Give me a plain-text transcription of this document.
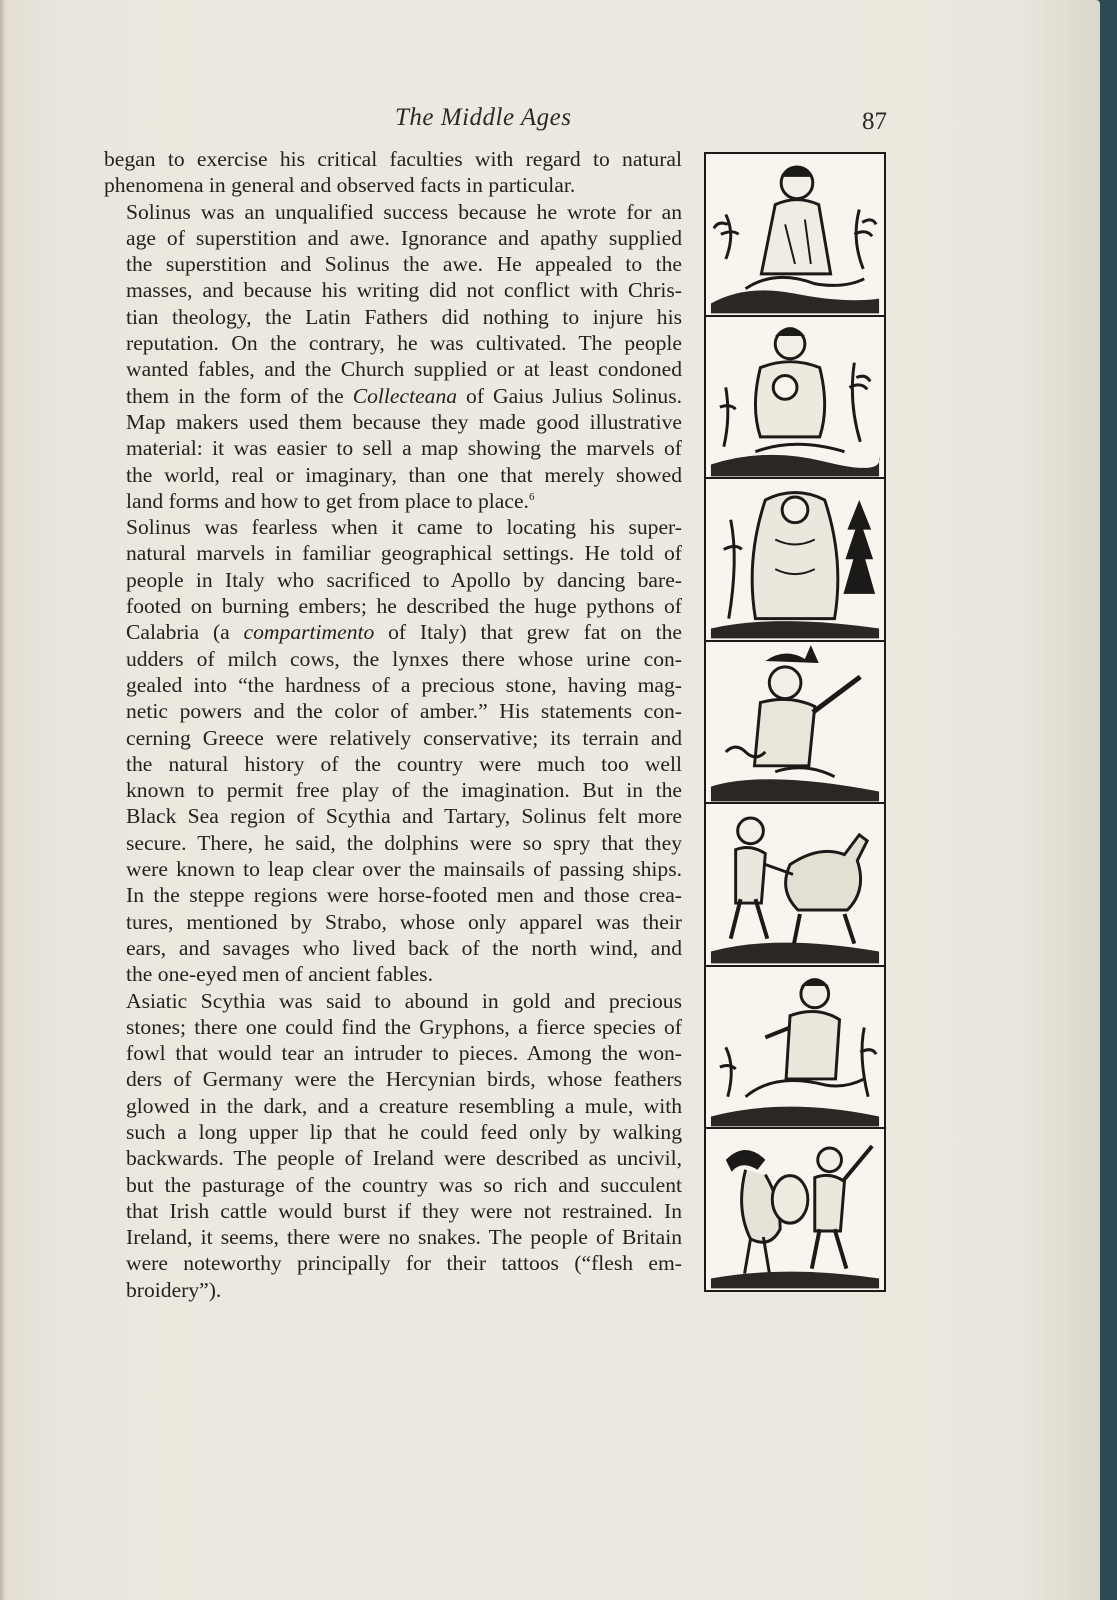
The Middle Ages	87

began to exercise his critical faculties with regard to natural
phenomena in general and observed facts in particular.

Solinus was an unqualified success because he wrote for an
age of superstition and awe. Ignorance and apathy supplied
the superstition and Solinus the awe. He appealed to the
masses, and because his writing did not conflict with Chris-
tian theology, the Latin Fathers did nothing to injure his
reputation. On the contrary, he was cultivated. The people
wanted fables, and the Church supplied or at least condoned
them in the form of the Collecteana of Gaius Julius Solinus.
Map makers used them because they made good illustrative
material: it was easier to sell a map showing the marvels of
the world, real or imaginary, than one that merely showed
land forms and how to get from place to place.$^6$

Solinus was fearless when it came to locating his super-
natural marvels in familiar geographical settings. He told of
people in Italy who sacrificed to Apollo by dancing bare-
footed on burning embers; he described the huge pythons of
Calabria (a compartimento of Italy) that grew fat on the
udders of milch cows, the lynxes there whose urine con-
gealed into “the hardness of a precious stone, having mag-
netic powers and the color of amber.” His statements con-
cerning Greece were relatively conservative; its terrain and
the natural history of the country were much too well
known to permit free play of the imagination. But in the
Black Sea region of Scythia and Tartary, Solinus felt more
secure. There, he said, the dolphins were so spry that they
were known to leap clear over the mainsails of passing ships.
In the steppe regions were horse-footed men and those crea-
tures, mentioned by Strabo, whose only apparel was their
ears, and savages who lived back of the north wind, and
the one-eyed men of ancient fables.

Asiatic Scythia was said to abound in gold and precious
stones; there one could find the Gryphons, a fierce species of
fowl that would tear an intruder to pieces. Among the won-
ders of Germany were the Hercynian birds, whose feathers
glowed in the dark, and a creature resembling a mule, with
such a long upper lip that he could feed only by walking
backwards. The people of Ireland were described as uncivil,
but the pasturage of the country was so rich and succulent
that Irish cattle would burst if they were not restrained. In
Ireland, it seems, there were no snakes. The people of Britain
were noteworthy principally for their tattoos (“flesh em-
broidery”).
